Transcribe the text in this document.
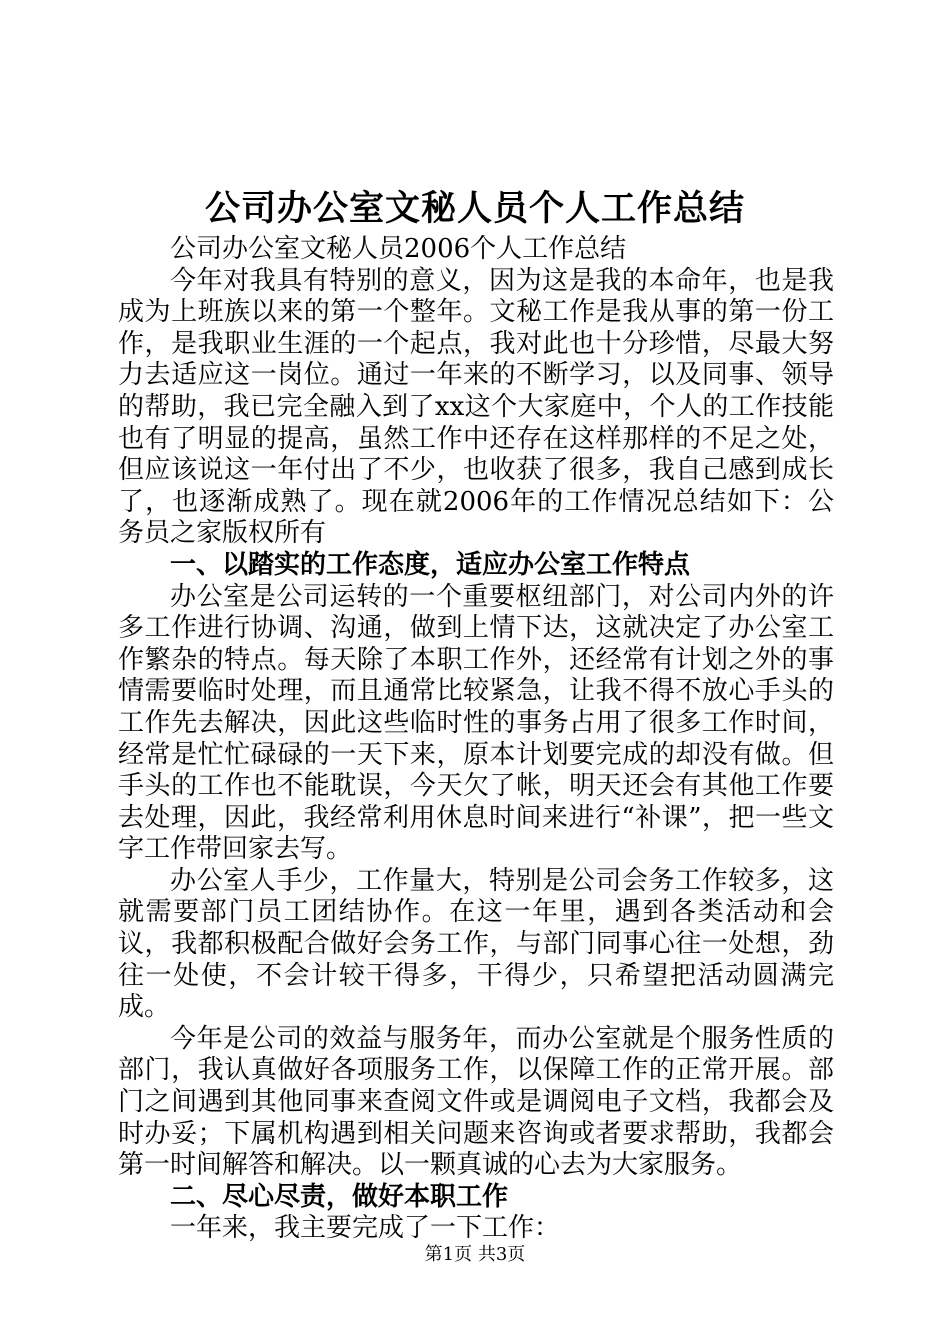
公司办公室文秘人员个人工作总结

公司办公室文秘人员2006个人工作总结

今年对我具有特别的意义，因为这是我的本命年，也是我成为上班族以来的第一个整年。文秘工作是我从事的第一份工作，是我职业生涯的一个起点，我对此也十分珍惜，尽最大努力去适应这一岗位。通过一年来的不断学习，以及同事、领导的帮助，我已完全融入到了xx这个大家庭中，个人的工作技能也有了明显的提高，虽然工作中还存在这样那样的不足之处，但应该说这一年付出了不少，也收获了很多，我自己感到成长了，也逐渐成熟了。现在就2006年的工作情况总结如下：公务员之家版权所有

一、以踏实的工作态度，适应办公室工作特点

办公室是公司运转的一个重要枢纽部门，对公司内外的许多工作进行协调、沟通，做到上情下达，这就决定了办公室工作繁杂的特点。每天除了本职工作外，还经常有计划之外的事情需要临时处理，而且通常比较紧急，让我不得不放心手头的工作先去解决，因此这些临时性的事务占用了很多工作时间，经常是忙忙碌碌的一天下来，原本计划要完成的却没有做。但手头的工作也不能耽误，今天欠了帐，明天还会有其他工作要去处理，因此，我经常利用休息时间来进行“补课”，把一些文字工作带回家去写。

办公室人手少，工作量大，特别是公司会务工作较多，这就需要部门员工团结协作。在这一年里，遇到各类活动和会议，我都积极配合做好会务工作，与部门同事心往一处想，劲往一处使，不会计较干得多，干得少，只希望把活动圆满完成。

今年是公司的效益与服务年，而办公室就是个服务性质的部门，我认真做好各项服务工作，以保障工作的正常开展。部门之间遇到其他同事来查阅文件或是调阅电子文档，我都会及时办妥；下属机构遇到相关问题来咨询或者要求帮助，我都会第一时间解答和解决。以一颗真诚的心去为大家服务。

二、尽心尽责，做好本职工作

一年来，我主要完成了一下工作：

第1页 共3页
